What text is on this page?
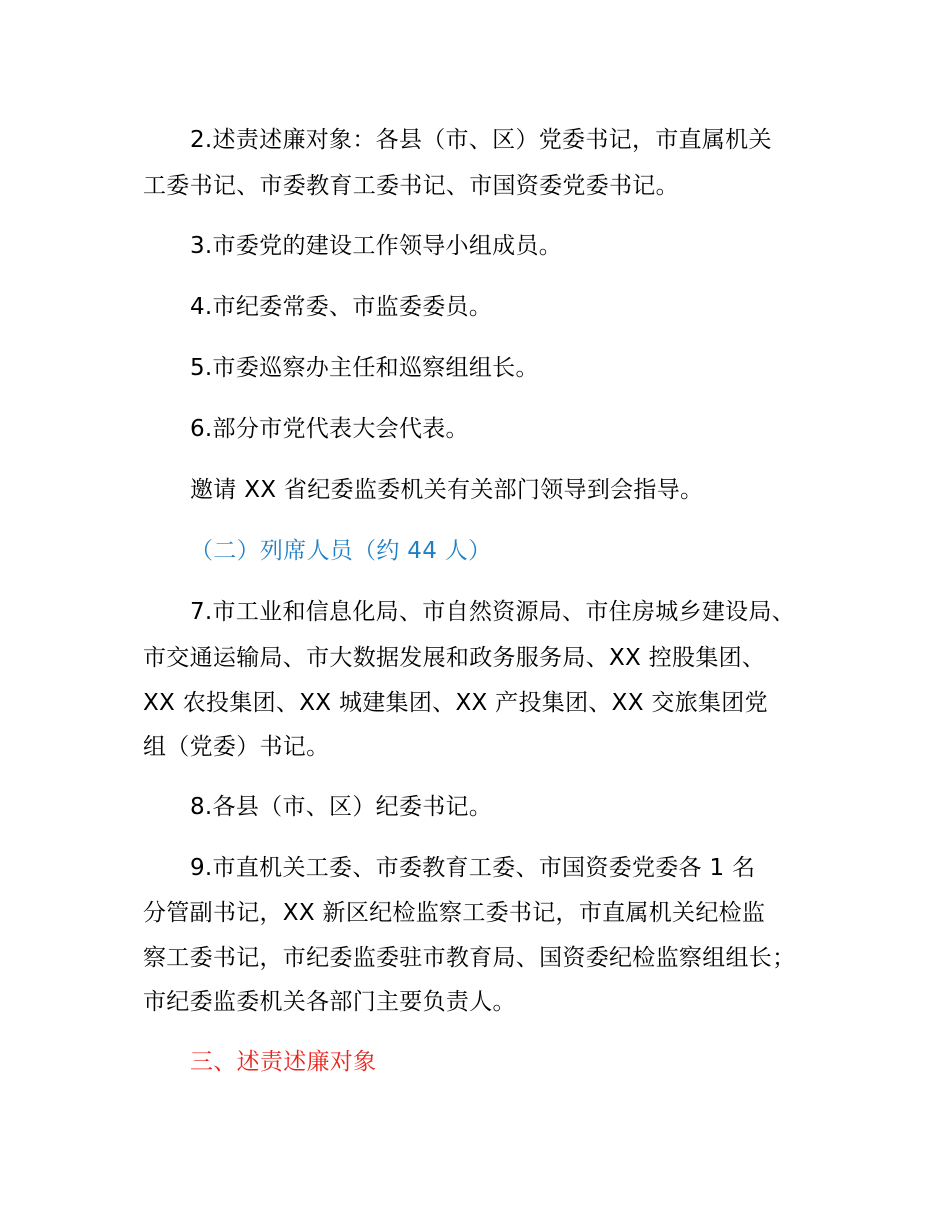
2.述责述廉对象：各县（市、区）党委书记，市直属机关
工委书记、市委教育工委书记、市国资委党委书记。
3.市委党的建设工作领导小组成员。
4.市纪委常委、市监委委员。
5.市委巡察办主任和巡察组组长。
6.部分市党代表大会代表。
邀请 XX 省纪委监委机关有关部门领导到会指导。
（二）列席人员（约 44 人）
7.市工业和信息化局、市自然资源局、市住房城乡建设局、
市交通运输局、市大数据发展和政务服务局、XX 控股集团、
XX 农投集团、XX 城建集团、XX 产投集团、XX 交旅集团党
组（党委）书记。
8.各县（市、区）纪委书记。
9.市直机关工委、市委教育工委、市国资委党委各 1 名
分管副书记，XX 新区纪检监察工委书记，市直属机关纪检监
察工委书记，市纪委监委驻市教育局、国资委纪检监察组组长；
市纪委监委机关各部门主要负责人。
三、述责述廉对象
